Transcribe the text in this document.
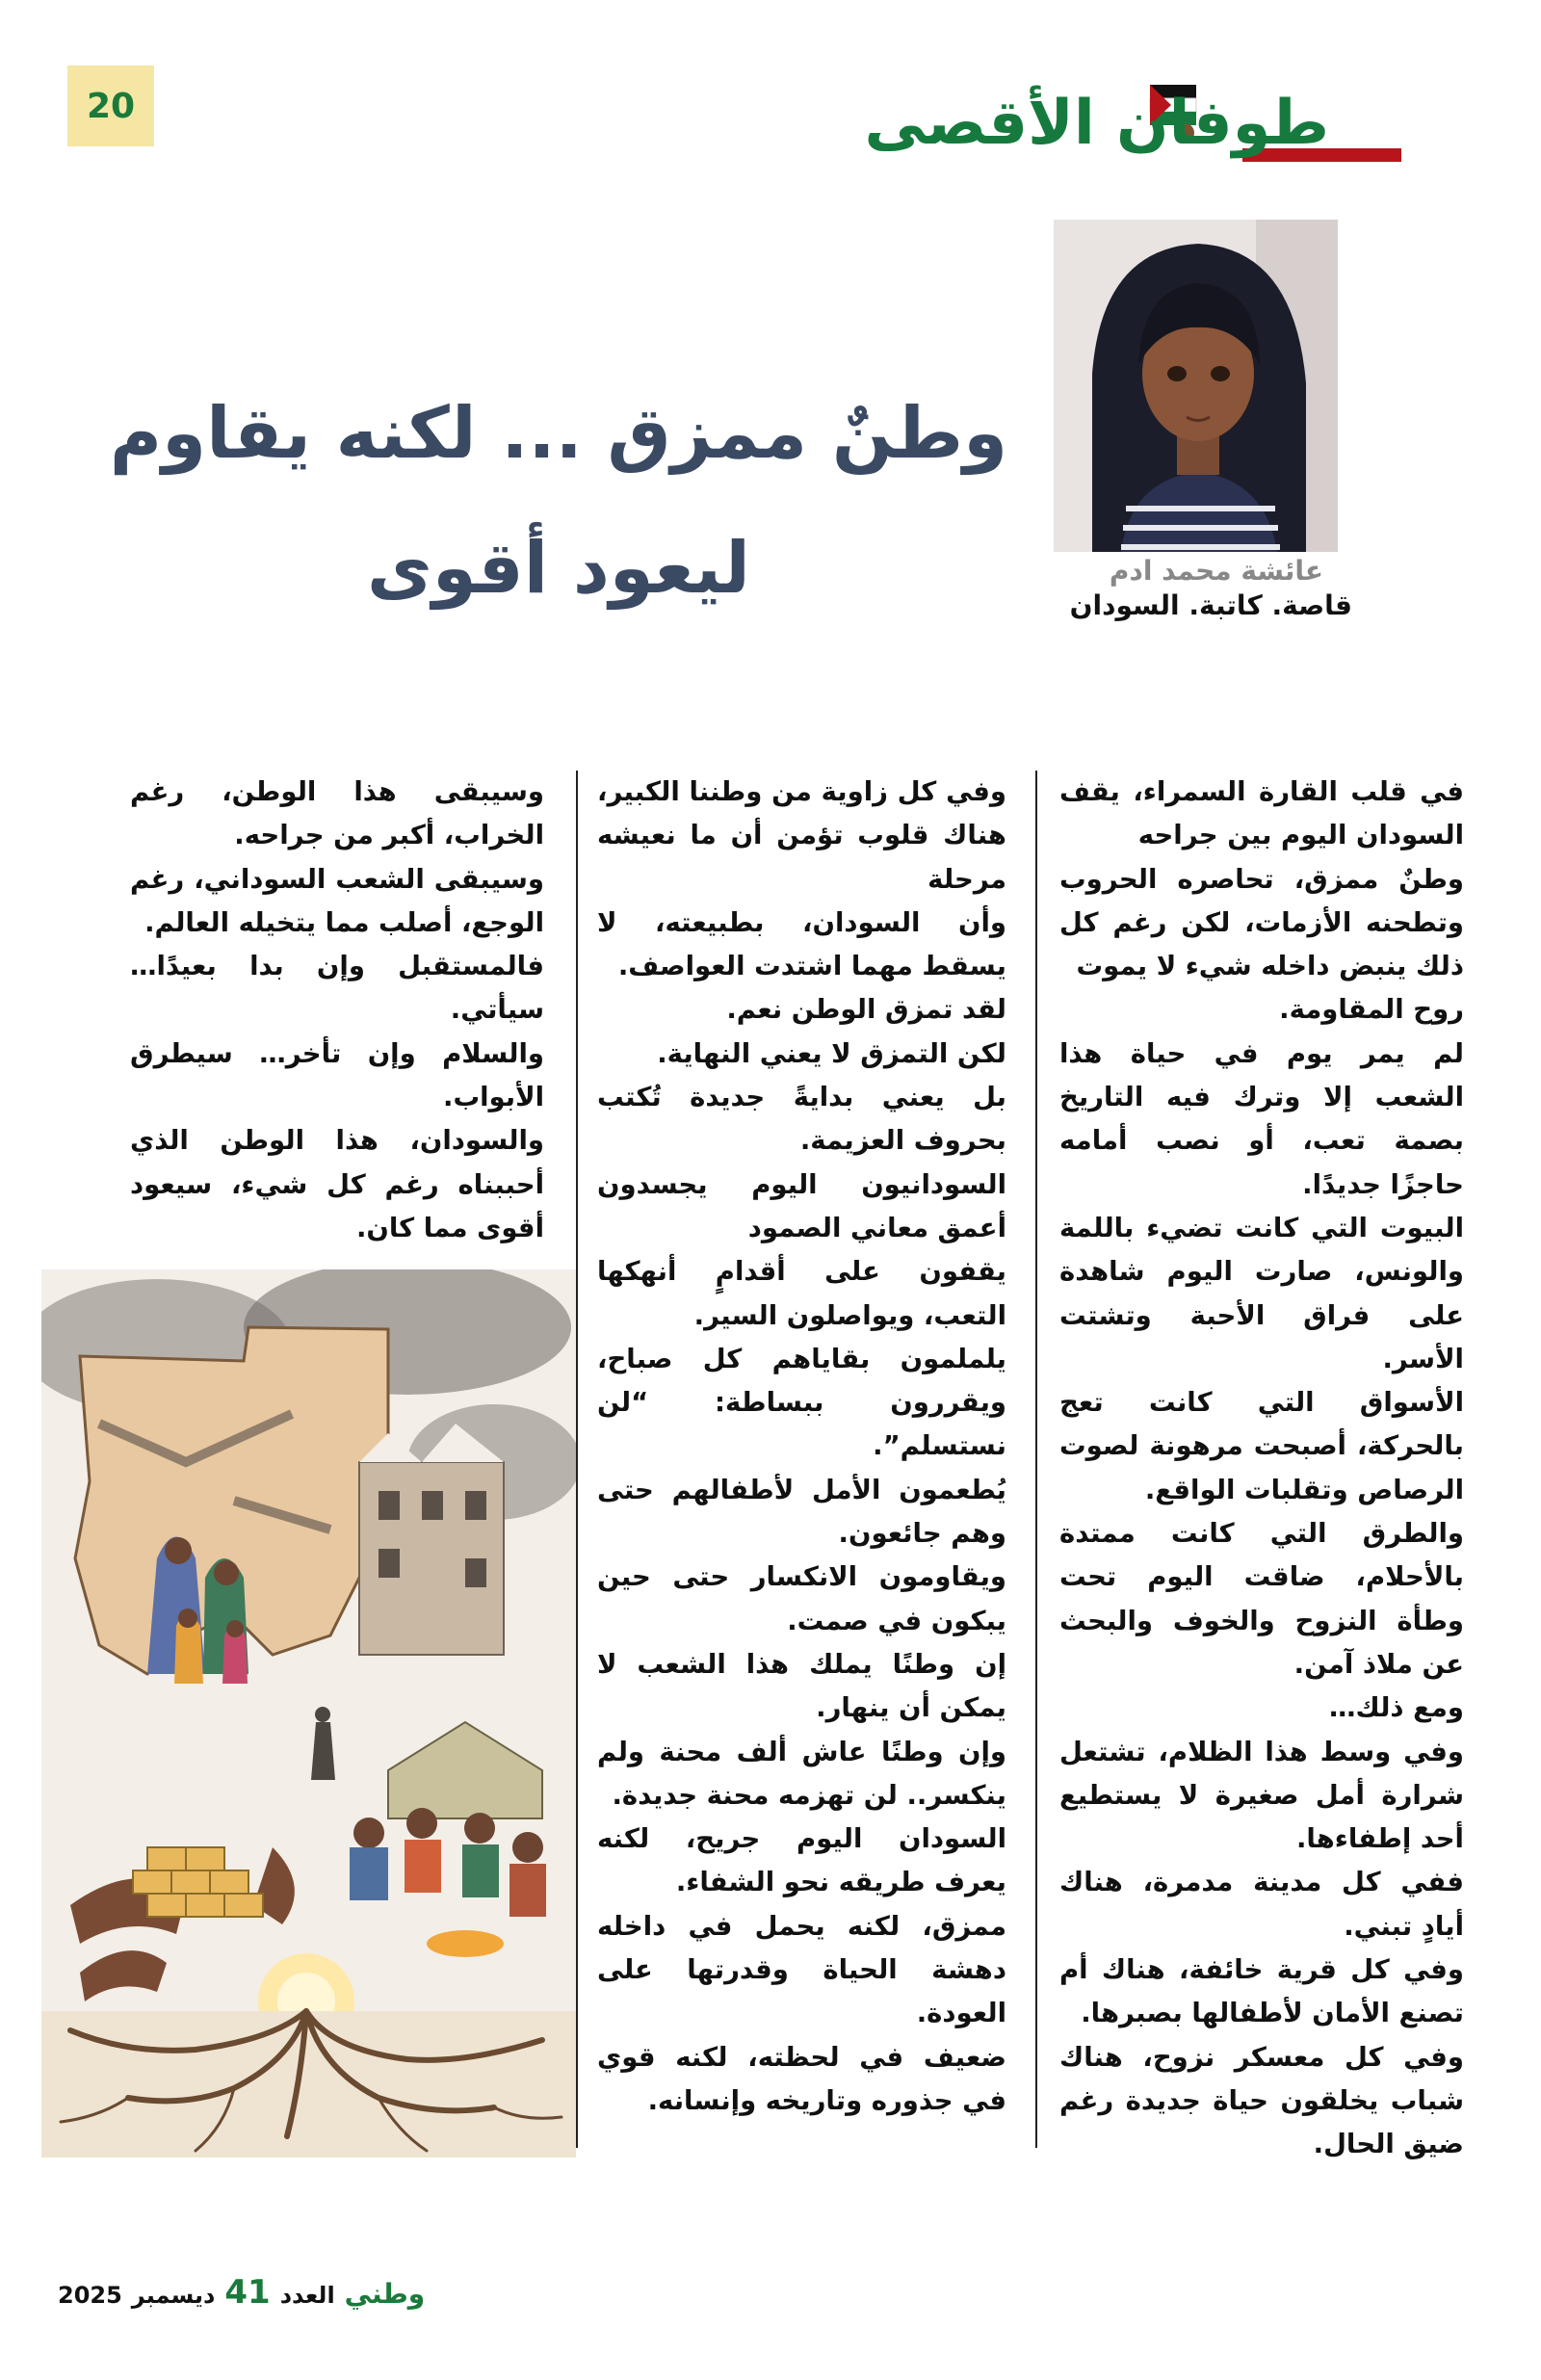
20	طوفان الأقصى
عائشة محمد ادم
قاصة. كاتبة. السودان
وطنٌ ممزق ... لكنه يقاوم
ليعود أقوى

في قلب القارة السمراء، يقف السودان اليوم بين جراحه

وطنٌ ممزق، تحاصره الحروب وتطحنه الأزمات، لكن رغم كل ذلك ينبض داخله شيء لا يموت

روح المقاومة.

لم يمر يوم في حياة هذا الشعب إلا وترك فيه التاريخ بصمة تعب، أو نصب أمامه حاجزًا جديدًا.

البيوت التي كانت تضيء باللمة والونس، صارت اليوم شاهدة على فراق الأحبة وتشتت الأسر.

الأسواق التي كانت تعج بالحركة، أصبحت مرهونة لصوت الرصاص وتقلبات الواقع.

والطرق التي كانت ممتدة بالأحلام، ضاقت اليوم تحت وطأة النزوح والخوف والبحث عن ملاذ آمن.

ومع ذلك…

وفي وسط هذا الظلام، تشتعل شرارة أمل صغيرة لا يستطيع أحد إطفاءها.

ففي كل مدينة مدمرة، هناك أيادٍ تبني.

وفي كل قرية خائفة، هناك أم تصنع الأمان لأطفالها بصبرها.

وفي كل معسكر نزوح، هناك شباب يخلقون حياة جديدة رغم ضيق الحال.

وفي كل زاوية من وطننا الكبير، هناك قلوب تؤمن أن ما نعيشه مرحلة

وأن السودان، بطبيعته، لا يسقط مهما اشتدت العواصف.

لقد تمزق الوطن نعم.

لكن التمزق لا يعني النهاية.

بل يعني بدايةً جديدة تُكتب بحروف العزيمة.

السودانيون اليوم يجسدون أعمق معاني الصمود

يقفون على أقدامٍ أنهكها التعب، ويواصلون السير.

يلملمون بقاياهم كل صباح، ويقررون ببساطة: “لن نستسلم”.

يُطعمون الأمل لأطفالهم حتى وهم جائعون.

ويقاومون الانكسار حتى حين يبكون في صمت.

إن وطنًا يملك هذا الشعب لا يمكن أن ينهار.

وإن وطنًا عاش ألف محنة ولم ينكسر.. لن تهزمه محنة جديدة.

السودان اليوم جريح، لكنه يعرف طريقه نحو الشفاء.

ممزق، لكنه يحمل في داخله دهشة الحياة وقدرتها على العودة.

ضعيف في لحظته، لكنه قوي في جذوره وتاريخه وإنسانه.

وسيبقى هذا الوطن، رغم الخراب، أكبر من جراحه.

وسيبقى الشعب السوداني، رغم الوجع، أصلب مما يتخيله العالم.

فالمستقبل وإن بدا بعيدًا… سيأتي.

والسلام وإن تأخر… سيطرق الأبواب.

والسودان، هذا الوطن الذي أحببناه رغم كل شيء، سيعود أقوى مما كان.

وطني
العدد
41
ديسمبر
2025
